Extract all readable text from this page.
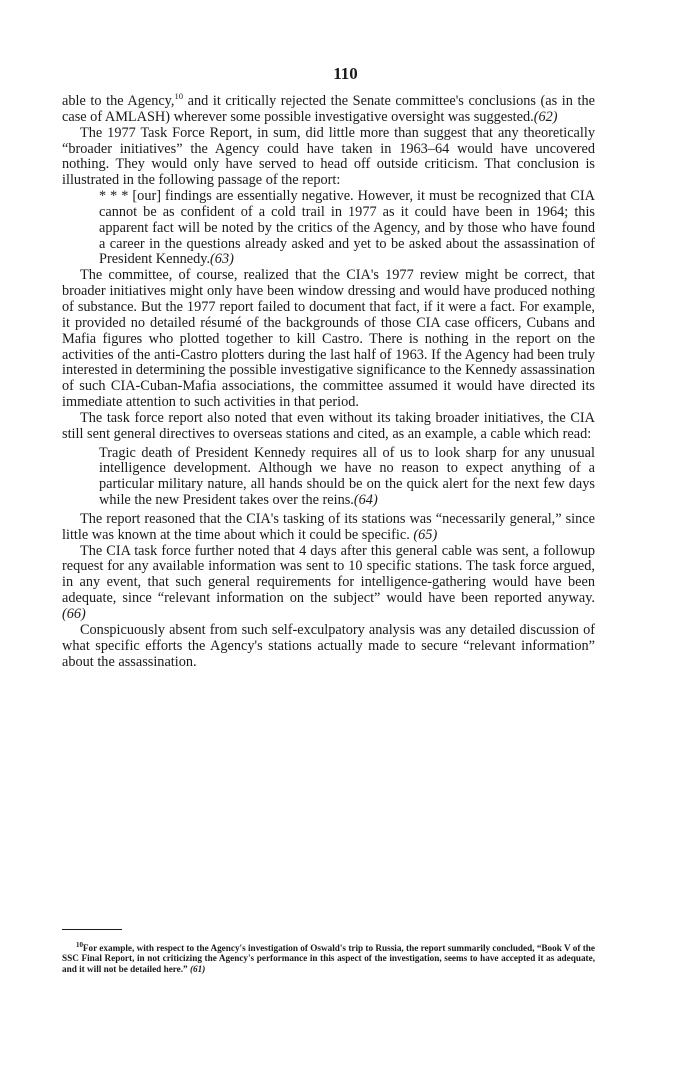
110

able to the Agency,$^{10}$ and it critically rejected the Senate committee's conclusions (as in the case of AMLASH) wherever some possible investigative oversight was suggested.(62)

The 1977 Task Force Report, in sum, did little more than suggest that any theoretically “broader initiatives” the Agency could have taken in 1963–64 would have uncovered nothing. They would only have served to head off outside criticism. That conclusion is illustrated in the following passage of the report:

* * * [our] findings are essentially negative. However, it must be recognized that CIA cannot be as confident of a cold trail in 1977 as it could have been in 1964; this apparent fact will be noted by the critics of the Agency, and by those who have found a career in the questions already asked and yet to be asked about the assassination of President Kennedy.(63)

The committee, of course, realized that the CIA's 1977 review might be correct, that broader initiatives might only have been window dressing and would have produced nothing of substance. But the 1977 report failed to document that fact, if it were a fact. For example, it provided no detailed résumé of the backgrounds of those CIA case officers, Cubans and Mafia figures who plotted together to kill Castro. There is nothing in the report on the activities of the anti-Castro plotters during the last half of 1963. If the Agency had been truly interested in determining the possible investigative significance to the Kennedy assassination of such CIA-Cuban-Mafia associations, the committee assumed it would have directed its immediate attention to such activities in that period.

The task force report also noted that even without its taking broader initiatives, the CIA still sent general directives to overseas stations and cited, as an example, a cable which read:

Tragic death of President Kennedy requires all of us to look sharp for any unusual intelligence development. Although we have no reason to expect anything of a particular military nature, all hands should be on the quick alert for the next few days while the new President takes over the reins.(64)

The report reasoned that the CIA's tasking of its stations was “necessarily general,” since little was known at the time about which it could be specific. (65)

The CIA task force further noted that 4 days after this general cable was sent, a followup request for any available information was sent to 10 specific stations. The task force argued, in any event, that such general requirements for intelligence-gathering would have been adequate, since “relevant information on the subject” would have been reported anyway. (66)

Conspicuously absent from such self-exculpatory analysis was any detailed discussion of what specific efforts the Agency's stations actually made to secure “relevant information” about the assassination.

$^{10}$For example, with respect to the Agency's investigation of Oswald's trip to Russia, the report summarily concluded, “Book V of the SSC Final Report, in not criticizing the Agency's performance in this aspect of the investigation, seems to have accepted it as adequate, and it will not be detailed here.” (61)
